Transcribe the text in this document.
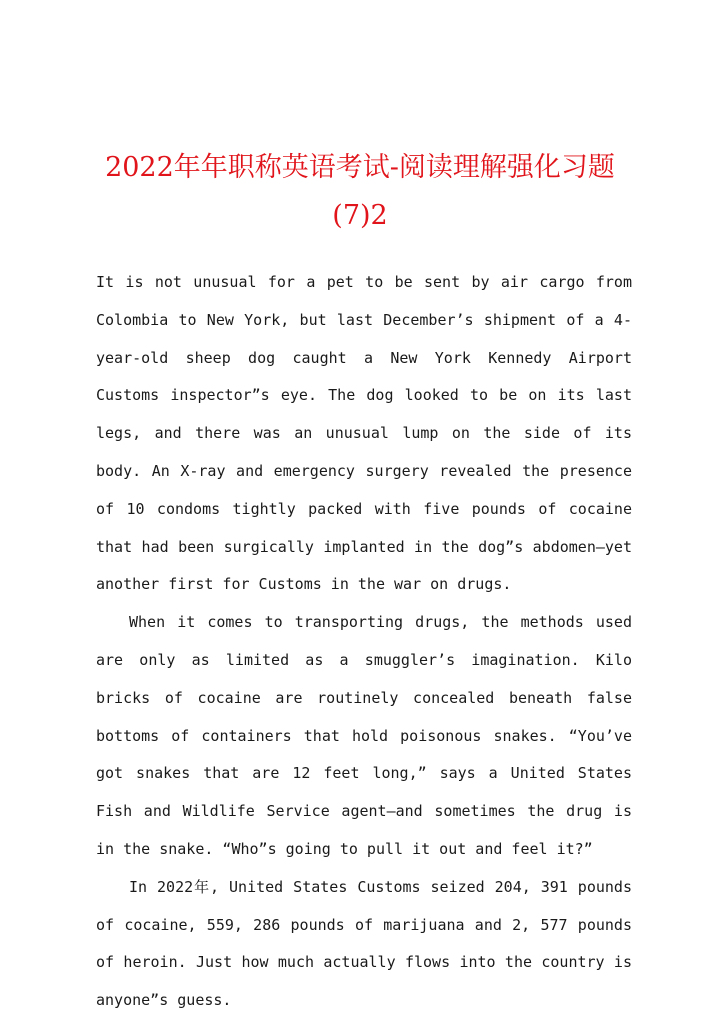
2022年年职称英语考试-阅读理解强化习题
(7)2

It is not unusual for a pet to be sent by air cargo from Colombia to New York, but last December’s shipment of a 4-year-old sheep dog caught a New York Kennedy Airport Customs inspector”s eye. The dog looked to be on its last legs, and there was an unusual lump on the side of its body. An X-ray and emergency surgery revealed the presence of 10 condoms tightly packed with five pounds of cocaine that had been surgically implanted in the dog”s abdomen—yet another first for Customs in the war on drugs.

When it comes to transporting drugs, the methods used are only as limited as a smuggler’s imagination. Kilo bricks of cocaine are routinely concealed beneath false bottoms of containers that hold poisonous snakes. “You’ve got snakes that are 12 feet long,” says a United States Fish and Wildlife Service agent—and sometimes the drug is in the snake. “Who”s going to pull it out and feel it?”

In 2022年, United States Customs seized 204, 391 pounds of cocaine, 559, 286 pounds of marijuana and 2, 577 pounds of heroin. Just how much actually flows into the country is anyone”s guess.
